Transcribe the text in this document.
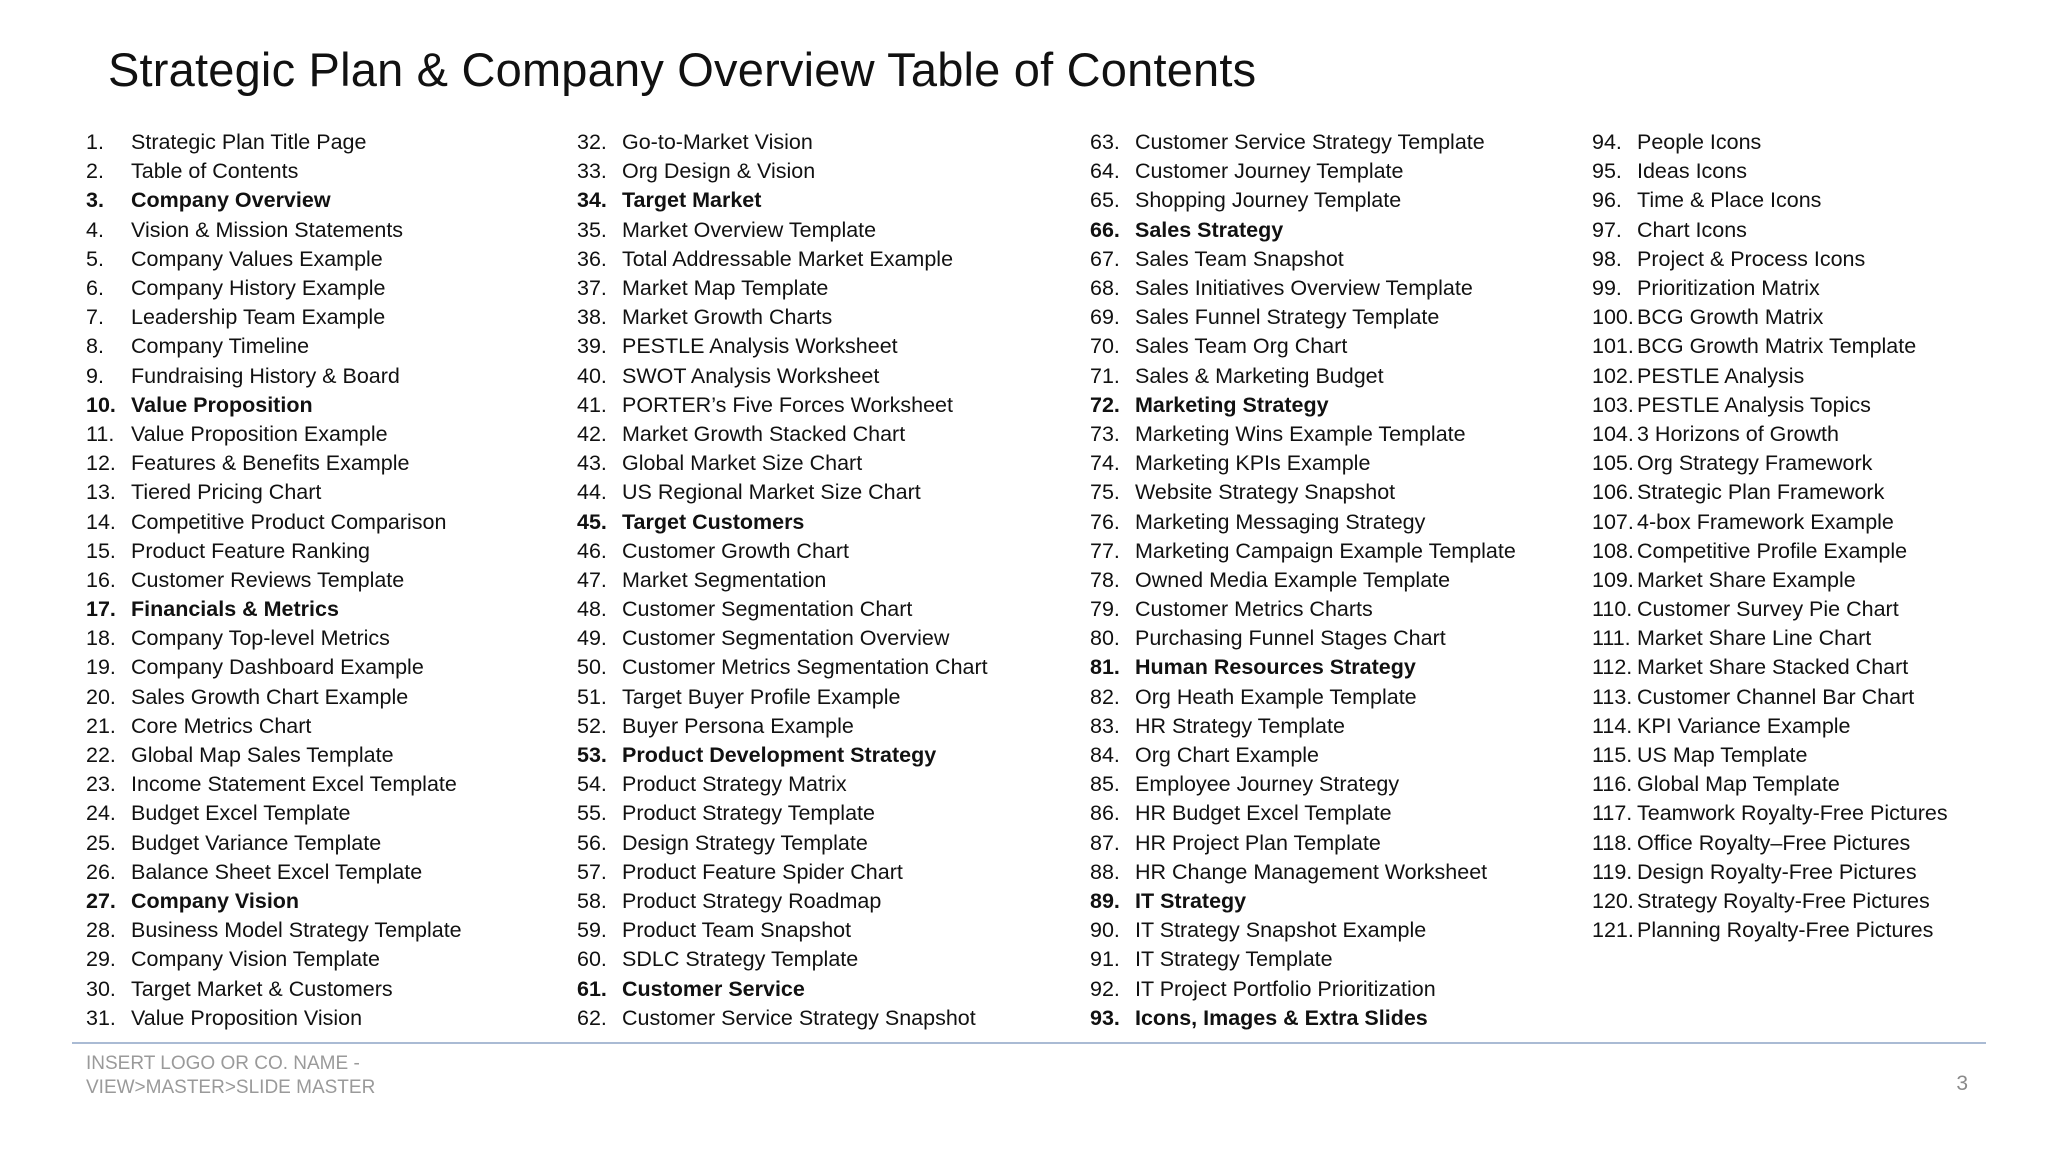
Strategic Plan & Company Overview Table of Contents
1.	Strategic Plan Title Page
2.	Table of Contents
3.	Company Overview
4.	Vision & Mission Statements
5.	Company Values Example
6.	Company History Example
7.	Leadership Team Example
8.	Company Timeline
9.	Fundraising History & Board
10. Value Proposition
11. Value Proposition Example
12. Features & Benefits Example
13. Tiered Pricing Chart
14. Competitive Product Comparison
15. Product Feature Ranking
16. Customer Reviews Template
17. Financials & Metrics
18. Company Top-level Metrics
19. Company Dashboard Example
20. Sales Growth Chart Example
21. Core Metrics Chart
22. Global Map Sales Template
23. Income Statement Excel Template
24. Budget Excel Template
25. Budget Variance Template
26. Balance Sheet Excel Template
27. Company Vision
28. Business Model Strategy Template
29. Company Vision Template
30. Target Market & Customers
31. Value Proposition Vision
32. Go-to-Market Vision
33. Org Design & Vision
34. Target Market
35. Market Overview Template
36. Total Addressable Market Example
37. Market Map Template
38. Market Growth Charts
39. PESTLE Analysis Worksheet
40. SWOT Analysis Worksheet
41. PORTER’s Five Forces Worksheet
42. Market Growth Stacked Chart
43. Global Market Size Chart
44. US Regional Market Size Chart
45. Target Customers
46. Customer Growth Chart
47. Market Segmentation
48. Customer Segmentation Chart
49. Customer Segmentation Overview
50. Customer Metrics Segmentation Chart
51. Target Buyer Profile Example
52. Buyer Persona Example
53. Product Development Strategy
54. Product Strategy Matrix
55. Product Strategy Template
56. Design Strategy Template
57. Product Feature Spider Chart
58. Product Strategy Roadmap
59. Product Team Snapshot
60. SDLC Strategy Template
61. Customer Service
62. Customer Service Strategy Snapshot
63. Customer Service Strategy Template
64. Customer Journey Template
65. Shopping Journey Template
66. Sales Strategy
67. Sales Team Snapshot
68. Sales Initiatives Overview Template
69. Sales Funnel Strategy Template
70. Sales Team Org Chart
71. Sales & Marketing Budget
72. Marketing Strategy
73. Marketing Wins Example Template
74. Marketing KPIs Example
75. Website Strategy Snapshot
76. Marketing Messaging Strategy
77. Marketing Campaign Example Template
78. Owned Media Example Template
79. Customer Metrics Charts
80. Purchasing Funnel Stages Chart
81. Human Resources Strategy
82. Org Heath Example Template
83. HR Strategy Template
84. Org Chart Example
85. Employee Journey Strategy
86. HR Budget Excel Template
87. HR Project Plan Template
88. HR Change Management Worksheet
89. IT Strategy
90. IT Strategy Snapshot Example
91. IT Strategy Template
92. IT Project Portfolio Prioritization
93. Icons, Images & Extra Slides
94. People Icons
95. Ideas Icons
96. Time & Place Icons
97. Chart Icons
98. Project & Process Icons
99. Prioritization Matrix
100. BCG Growth Matrix
101. BCG Growth Matrix Template
102. PESTLE Analysis
103. PESTLE Analysis Topics
104. 3 Horizons of Growth
105. Org Strategy Framework
106. Strategic Plan Framework
107. 4-box Framework Example
108. Competitive Profile Example
109. Market Share Example
110. Customer Survey Pie Chart
111. Market Share Line Chart
112. Market Share Stacked Chart
113. Customer Channel Bar Chart
114. KPI Variance Example
115. US Map Template
116. Global Map Template
117. Teamwork Royalty-Free Pictures
118. Office Royalty–Free Pictures
119. Design Royalty-Free Pictures
120. Strategy Royalty-Free Pictures
121. Planning Royalty-Free Pictures
INSERT LOGO OR CO. NAME -
VIEW>MASTER>SLIDE MASTER	3
